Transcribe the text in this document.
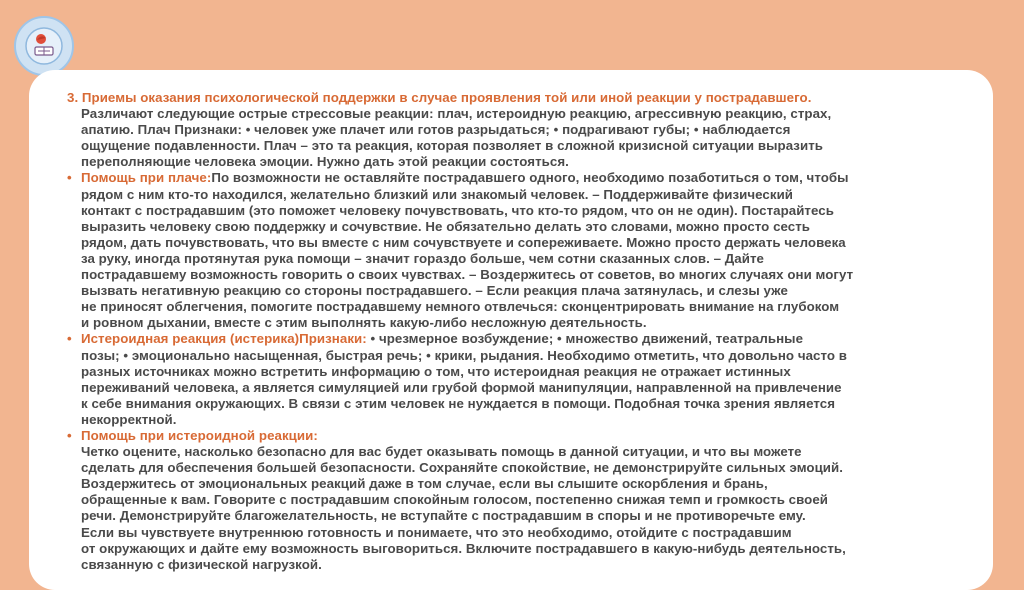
3. Приемы оказания психологической поддержки в случае проявления той или иной реакции у пострадавшего.
Различают следующие острые стрессовые реакции: плач, истероидную реакцию, агрессивную реакцию, страх,
апатию. Плач Признаки: • человек уже плачет или готов разрыдаться; • подрагивают губы; • наблюдается
ощущение подавленности. Плач – это та реакция, которая позволяет в сложной кризисной ситуации выразить
переполняющие человека эмоции. Нужно дать этой реакции состояться.
• Помощь при плаче:По возможности не оставляйте пострадавшего одного, необходимо позаботиться о том, чтобы
рядом с ним кто-то находился, желательно близкий или знакомый человек. – Поддерживайте физический
контакт с пострадавшим (это поможет человеку почувствовать, что кто-то рядом, что он не один). Постарайтесь
выразить человеку свою поддержку и сочувствие. Не обязательно делать это словами, можно просто сесть
рядом, дать почувствовать, что вы вместе с ним сочувствуете и сопереживаете. Можно просто держать человека
за руку, иногда протянутая рука помощи – значит гораздо больше, чем сотни сказанных слов. – Дайте
пострадавшему возможность говорить о своих чувствах. – Воздержитесь от советов, во многих случаях они могут
вызвать негативную реакцию со стороны пострадавшего. – Если реакция плача затянулась, и слезы уже
не приносят облегчения, помогите пострадавшему немного отвлечься: сконцентрировать внимание на глубоком
и ровном дыхании, вместе с этим выполнять какую-либо несложную деятельность.
• Истероидная реакция (истерика)Признаки: • чрезмерное возбуждение; • множество движений, театральные
позы; • эмоционально насыщенная, быстрая речь; • крики, рыдания. Необходимо отметить, что довольно часто в
разных источниках можно встретить информацию о том, что истероидная реакция не отражает истинных
переживаний человека, а является симуляцией или грубой формой манипуляции, направленной на привлечение
к себе внимания окружающих. В связи с этим человек не нуждается в помощи. Подобная точка зрения является
некорректной.
• Помощь при истероидной реакции:
Четко оцените, насколько безопасно для вас будет оказывать помощь в данной ситуации, и что вы можете
сделать для обеспечения большей безопасности. Сохраняйте спокойствие, не демонстрируйте сильных эмоций.
Воздержитесь от эмоциональных реакций даже в том случае, если вы слышите оскорбления и брань,
обращенные к вам. Говорите с пострадавшим спокойным голосом, постепенно снижая темп и громкость своей
речи. Демонстрируйте благожелательность, не вступайте с пострадавшим в споры и не противоречьте ему.
Если вы чувствуете внутреннюю готовность и понимаете, что это необходимо, отойдите с пострадавшим
от окружающих и дайте ему возможность выговориться. Включите пострадавшего в какую-нибудь деятельность,
связанную с физической нагрузкой.
